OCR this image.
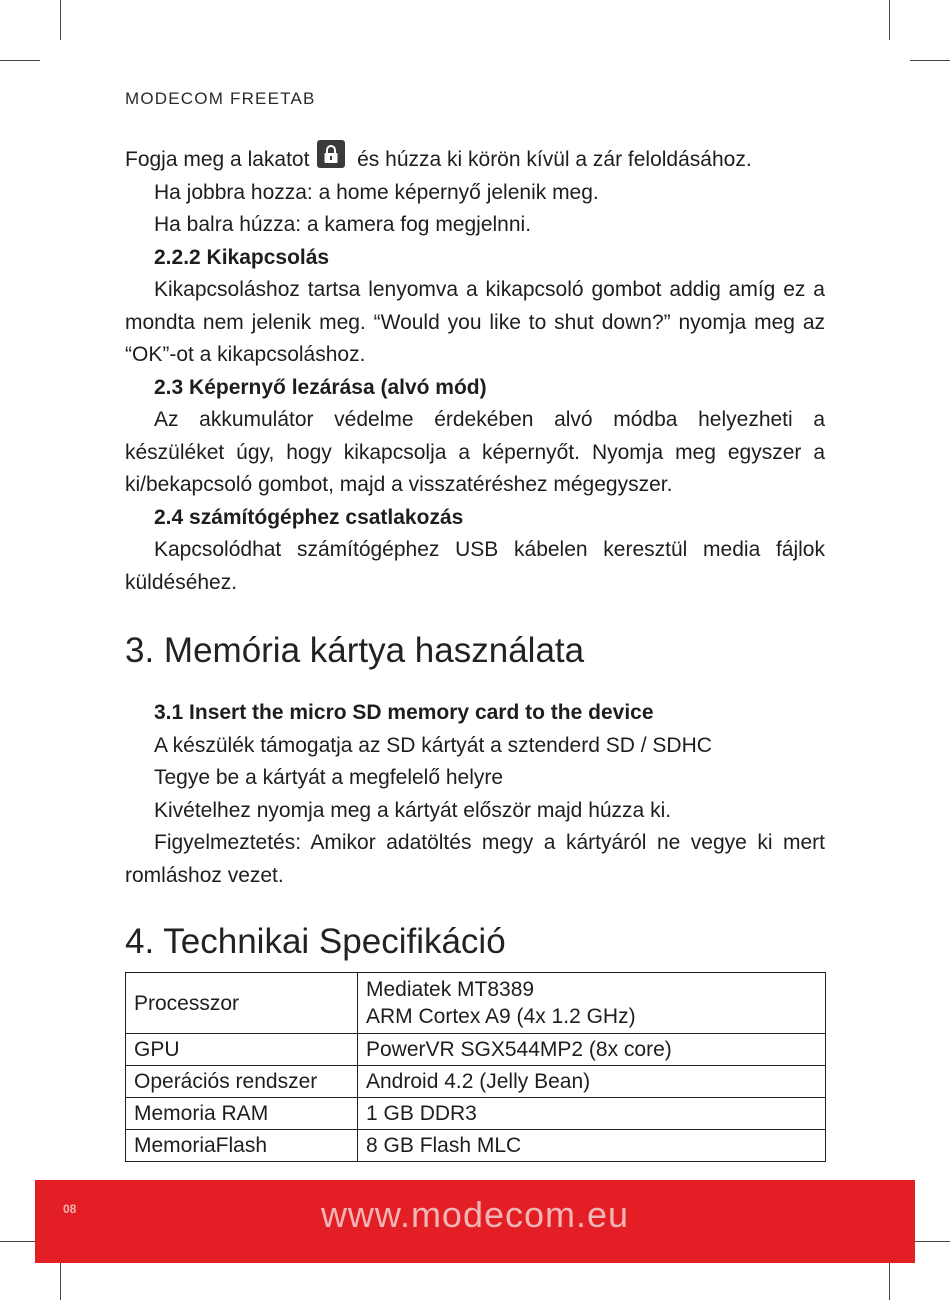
MODECOM FREETAB

Fogja meg a lakatot és húzza ki körön kívül a zár feloldásához.

Ha jobbra hozza: a home képernyő jelenik meg.

Ha balra húzza: a kamera fog megjelnni.

2.2.2 Kikapcsolás

Kikapcsoláshoz tartsa lenyomva a kikapcsoló gombot addig amíg ez a mondta nem jelenik meg. “Would you like to shut down?” nyomja meg az “OK”-ot a kikapcsoláshoz.

2.3 Képernyő lezárása (alvó mód)

Az akkumulátor védelme érdekében alvó módba helyezheti a készüléket úgy, hogy kikapcsolja a képernyőt. Nyomja meg egyszer a ki/bekapcsoló gombot, majd a visszatéréshez mégegyszer.

2.4 számítógéphez csatlakozás

Kapcsolódhat számítógéphez USB kábelen keresztül media fájlok küldéséhez.

3. Memória kártya használata

3.1 Insert the micro SD memory card to the device

A készülék támogatja az SD kártyát a sztenderd SD / SDHC

Tegye be a kártyát a megfelelő helyre

Kivételhez nyomja meg a kártyát először majd húzza ki.

Figyelmeztetés: Amikor adatöltés megy a kártyáról ne vegye ki mert romláshoz vezet.

4. Technikai Specifikáció
Processzor	Mediatek MT8389
ARM Cortex A9 (4x 1.2 GHz)

GPU	PowerVR SGX544MP2 (8x core)
Operációs rendszer	Android 4.2 (Jelly Bean)
Memoria RAM	1 GB DDR3
MemoriaFlash	8 GB Flash MLC
08	www.modecom.eu
